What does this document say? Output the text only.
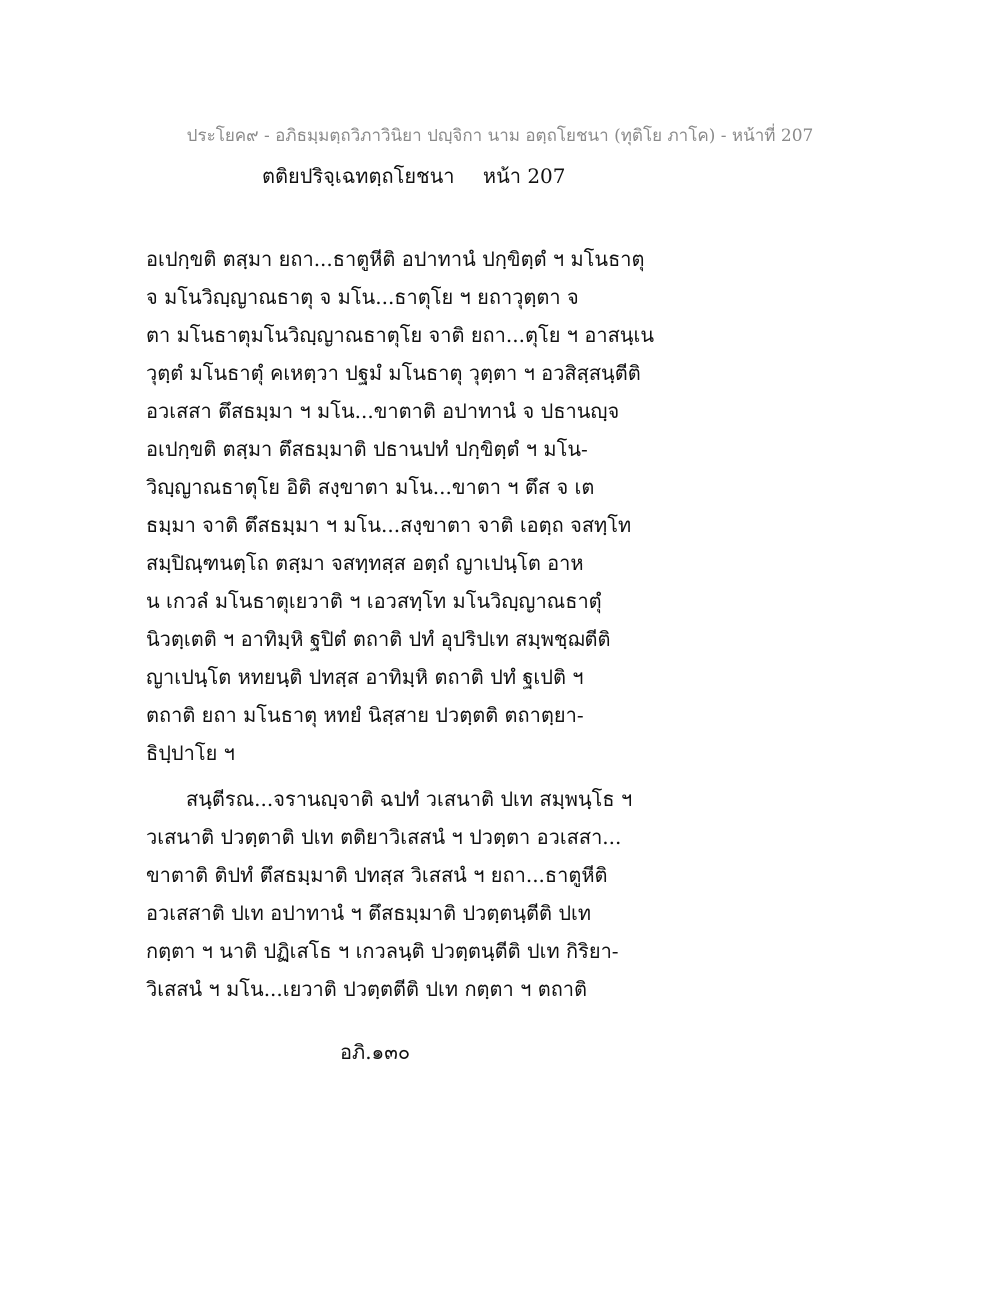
ประโยค๙ - อภิธมฺมตฺถวิภาวินิยา ปญฺจิกา นาม อตฺถโยชนา (ทุติโย ภาโค) - หน้าที่ 207
ตติยปริจฺเฉทตฺถโยชนา หน้า 207
อเปกฺขติ ตสฺมา ยถา...ธาตูหีติ อปาทานํ ปกฺขิตฺตํ ฯ มโนธาตุ
จ มโนวิญฺญาณธาตุ จ มโน...ธาตุโย ฯ ยถาวุตฺตา จ
ตา มโนธาตุมโนวิญฺญาณธาตุโย จาติ ยถา...ตุโย ฯ อาสนฺเน
วุตฺตํ มโนธาตุํ คเหตฺวา ปฐมํ มโนธาตุ วุตฺตา ฯ อวสิสฺสนฺตีติ
อวเสสา ตึสธมฺมา ฯ มโน...ขาตาติ อปาทานํ จ ปธานญฺจ
อเปกฺขติ ตสฺมา ตึสธมฺมาติ ปธานปทํ ปกฺขิตฺตํ ฯ มโน-
วิญฺญาณธาตุโย อิติ สงฺขาตา มโน...ขาตา ฯ ตึส จ เต
ธมฺมา จาติ ตึสธมฺมา ฯ มโน...สงฺขาตา จาติ เอตฺถ จสทฺโท
สมฺปิณฺฑนตฺโถ ตสฺมา จสทฺทสฺส อตฺถํ ญาเปนฺโต อาห
น เกวลํ มโนธาตุเยวาติ ฯ เอวสทฺโท มโนวิญฺญาณธาตุํ
นิวตฺเตติ ฯ อาทิมฺหิ ฐปิตํ ตถาติ ปทํ อุปริปเท สมฺพชฺฌตีติ
ญาเปนฺโต หทยนฺติ ปทสฺส อาทิมฺหิ ตถาติ ปทํ ฐเปติ ฯ
ตถาติ ยถา มโนธาตุ หทยํ นิสฺสาย ปวตฺตติ ตถาตฺยา-
ธิปฺปาโย ฯ
สนฺตีรณ...จรานญฺจาติ ฉปทํ วเสนาติ ปเท สมฺพนฺโธ ฯ
วเสนาติ ปวตฺตาติ ปเท ตติยาวิเสสนํ ฯ ปวตฺตา อวเสสา...
ขาตาติ ติปทํ ตึสธมฺมาติ ปทสฺส วิเสสนํ ฯ ยถา...ธาตูหีติ
อวเสสาติ ปเท อปาทานํ ฯ ตึสธมฺมาติ ปวตฺตนฺตีติ ปเท
กตฺตา ฯ นาติ ปฏิเสโธ ฯ เกวลนฺติ ปวตฺตนฺตีติ ปเท กิริยา-
วิเสสนํ ฯ มโน...เยวาติ ปวตฺตตีติ ปเท กตฺตา ฯ ตถาติ
อภิ.๑๓๐
